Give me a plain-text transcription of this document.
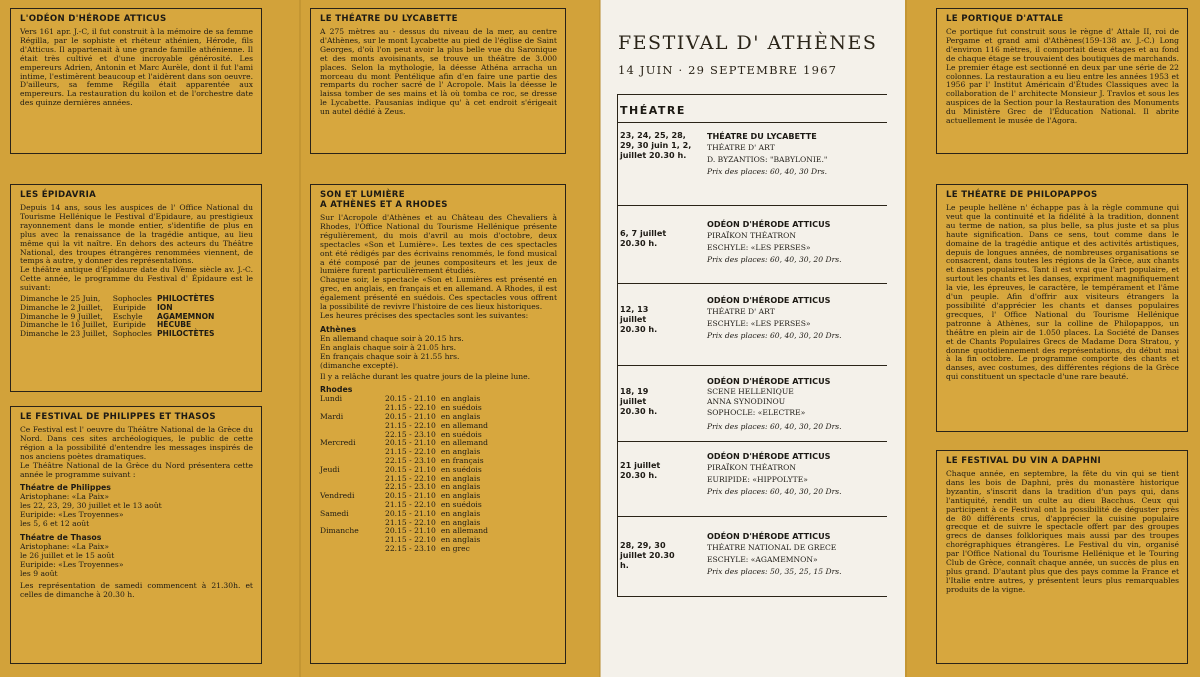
L'ODÉON D'HÉRODE ATTICUS

Vers 161 apr. J.-C, il fut construit à la mémoire de sa femme Régilla, par le sophiste et rhéteur athénien, Hérode, fils d'Atticus. Il appartenait à une grande famille athénienne. Il était très cultivé et d'une incroyable générosité. Les empereurs Adrien, Antonin et Marc Aurèle, dont il fut l'ami intime, l'estimèrent beaucoup et l'aidèrent dans son oeuvre. D'ailleurs, sa femme Régilla était apparentée aux empereurs. La restauration du koilon et de l'orchestre date des quinze dernières années.

LES ÉPIDAVRIA

Depuis 14 ans, sous les auspices de l' Office National du Tourisme Hellénique le Festival d'Epidaure, au prestigieux rayonnement dans le monde entier, s'identifie de plus en plus avec la renaissance de la tragédie antique, au lieu même qui la vit naître. En dehors des acteurs du Théâtre National, des troupes étrangères renommées viennent, de temps à autre, y donner des représentations.

Le théâtre antique d'Épidaure date du IVème siècle av. J.-C. Cette année, le programme du Festival d' Épidaure est le suivant:

Dimanche le 25 Juin,	Sophocles	PHILOCTÈTES
Dimanche le 2 Juillet,	Euripide	ION
Dimanche le 9 Juillet,	Eschyle	AGAMEMNON
Dimanche le 16 Juillet,	Euripide	HÉCUBE
Dimanche le 23 Juillet,	Sophocles	PHILOCTÈTES
LE FESTIVAL DE PHILIPPES ET THASOS

Ce Festival est l' oeuvre du Théâtre National de la Grèce du Nord. Dans ces sites archéologiques, le public de cette région a la possibilité d'entendre les messages inspirés de nos anciens poètes dramatiques.

Le Théâtre National de la Grèce du Nord présentera cette année le programme suivant :

Théatre de Philippes

Aristophane: «La Paix»

les 22, 23, 29, 30 juillet et le 13 août

Euripide: «Les Troyennes»

les 5, 6 et 12 août

Théatre de Thasos

Aristophane: «La Paix»

le 26 juillet et le 15 août

Euripide: «Les Troyennes»

les 9 août

Les représentation de samedi commencent à 21.30h. et celles de dimanche à 20.30 h.

LE THÉATRE DU LYCABETTE

A 275 mètres au - dessus du niveau de la mer, au centre d'Athènes, sur le mont Lycabette au pied de l'église de Saint Georges, d'où l'on peut avoir la plus belle vue du Saronique et des monts avoisinants, se trouve un théâtre de 3.000 places. Selon la mythologie, la déesse Athéna arracha un morceau du mont Pentélique afin d'en faire une partie des remparts du rocher sacré de l' Acropole. Mais la déesse le laissa tomber de ses mains et là où tomba ce roc, se dresse le Lycabette. Pausanias indique qu' à cet endroit s'érigeait un autel dédié à Zeus.

SON ET LUMIÈRE
A ATHÈNES ET A RHODES

Sur l'Acropole d'Athènes et au Château des Chevaliers à Rhodes, l'Office National du Tourisme Hellénique présente régulièrement, du mois d'avril au mois d'octobre, deux spectacles «Son et Lumière». Les textes de ces spectacles ont été rédigés par des écrivains renommés, le fond musical a été composé par de jeunes compositeurs et les jeux de lumière furent particulièrement étudiés.

Chaque soir, le spectacle «Son et Lumières est présenté en grec, en anglais, en français et en allemand. A Rhodes, il est également présenté en suédois. Ces spectacles vous offrent la possibilité de revivre l'histoire de ces lieux historiques.

Les heures précises des spectacles sont les suivantes:

Athènes

En allemand chaque soir à 20.15 hrs.

En anglais chaque soir à 21.05 hrs.

En français chaque soir à 21.55 hrs.

(dimanche excepté).

Il y a relâche durant les quatre jours de la pleine lune.

Rhodes
Lundi	20.15 - 21.10	en anglais
	21.15 - 22.10	en suédois
Mardi	20.15 - 21.10	en anglais
	21.15 - 22.10	en allemand
	22.15 - 23.10	en suédois
Mercredi	20.15 - 21.10	en allemand
	21.15 - 22.10	en anglais
	22.15 - 23.10	en français
Jeudi	20.15 - 21.10	en suédois
	21.15 - 22.10	en anglais
	22.15 - 23.10	en anglais
Vendredi	20.15 - 21.10	en anglais
	21.15 - 22.10	en suédois
Samedi	20.15 - 21.10	en anglais
	21.15 - 22.10	en anglais
Dimanche	20.15 - 21.10	en allemand
	21.15 - 22.10	en anglais
	22.15 - 23.10	en grec
FESTIVAL D' ATHÈNES
14 JUIN · 29 SEPTEMBRE 1967
THÉATRE
23, 24, 25, 28, 29, 30 juin 1, 2, juillet 20.30 h.
THÉATRE DU LYCABETTE
THÉATRE D' ART
D. BYZANTIOS: "BABYLONIE."
Prix des places: 60, 40, 30 Drs.
6, 7 juillet 20.30 h.
ODÉON D'HÉRODE ATTICUS
PIRAÏKON THÉATRON
ESCHYLE: «LES PERSES»
Prix des places: 60, 40, 30, 20 Drs.
12, 13 juillet 20.30 h.
ODÉON D'HÉRODE ATTICUS
THÉATRE D' ART
ESCHYLE: «LES PERSES»
Prix des places: 60, 40, 30, 20 Drs.
18, 19 juillet 20.30 h.
ODÉON D'HÉRODE ATTICUS
SCENE HELLENIQUE ANNA SYNODINOU
SOPHOCLE: «ELECTRE»
Prix des places: 60, 40, 30, 20 Drs.
21 juillet 20.30 h.
ODÉON D'HÉRODE ATTICUS
PIRAÏKON THÉATRON
EURIPIDE: «HIPPOLYTE»
Prix des places: 60, 40, 30, 20 Drs.
28, 29, 30 juillet 20.30 h.
ODÉON D'HÉRODE ATTICUS
THÉATRE NATIONAL DE GRECE
ESCHYLE: «AGAMEMNON»
Prix des places: 50, 35, 25, 15 Drs.
LE PORTIQUE D'ATTALE

Ce portique fut construit sous le règne d' Attale II, roi de Pergame et grand ami d'Athènes(159-138 av. J.-C.) Long d'environ 116 mètres, il comportait deux étages et au fond de chaque étage se trouvaient des boutiques de marchands. Le premier étage est sectionné en deux par une série de 22 colonnes. La restauration a eu lieu entre les années 1953 et 1956 par l' Institut Américain d'Études Classiques avec la collaboration de l' architecte Monsieur J. Travlos et sous les auspices de la Section pour la Restauration des Monuments du Ministère Grec de l'Éducation National. Il abrite actuellement le musée de l'Agora.

LE THÉATRE DE PHILOPAPPOS

Le peuple hellène n' échappe pas à la règle commune qui veut que la continuité et la fidélité à la tradition, donnent au terme de nation, sa plus belle, sa plus juste et sa plus haute signification. Dans ce sens, tout comme dans le domaine de la tragédie antique et des activités artistiques, depuis de longues années, de nombreuses organisations se consacrent, dans toutes les régions de la Grèce, aux chants et danses populaires. Tant il est vrai que l'art populaire, et surtout les chants et les danses, expriment magnifiquement la vie, les épreuves, le caractère, le tempérament et l'âme d'un peuple. Afin d'offrir aux visiteurs étrangers la possibilité d'apprécier les chants et danses populaires grecques, l' Office National du Tourisme Hellénique patronne à Athènes, sur la colline de Philopappos, un théâtre en plein air de 1.050 places. La Société de Danses et de Chants Populaires Grecs de Madame Dora Stratou, y donne quotidiennement des représentations, du début mai à la fin octobre. Le programme comporte des chants et danses, avec costumes, des différentes régions de la Grèce qui constituent un spectacle d'une rare beauté.

LE FESTIVAL DU VIN A DAPHNI

Chaque année, en septembre, la fête du vin qui se tient dans les bois de Daphni, près du monastère historique byzantin, s'inscrit dans la tradition d'un pays qui, dans l'antiquité, rendit un culte au dieu Bacchus. Ceux qui participent à ce Festival ont la possibilité de déguster près de 80 différents crus, d'apprécier la cuisine populaire grecque et de suivre le spectacle offert par des groupes grecs de danses folkloriques mais aussi par des troupes chorégraphiques étrangères. Le Festival du vin, organisé par l'Office National du Tourisme Hellénique et le Touring Club de Grèce, connaît chaque année, un succès de plus en plus grand. D'autant plus que des pays comme la France et l'Italie entre autres, y présentent leurs plus remarquables produits de la vigne.
